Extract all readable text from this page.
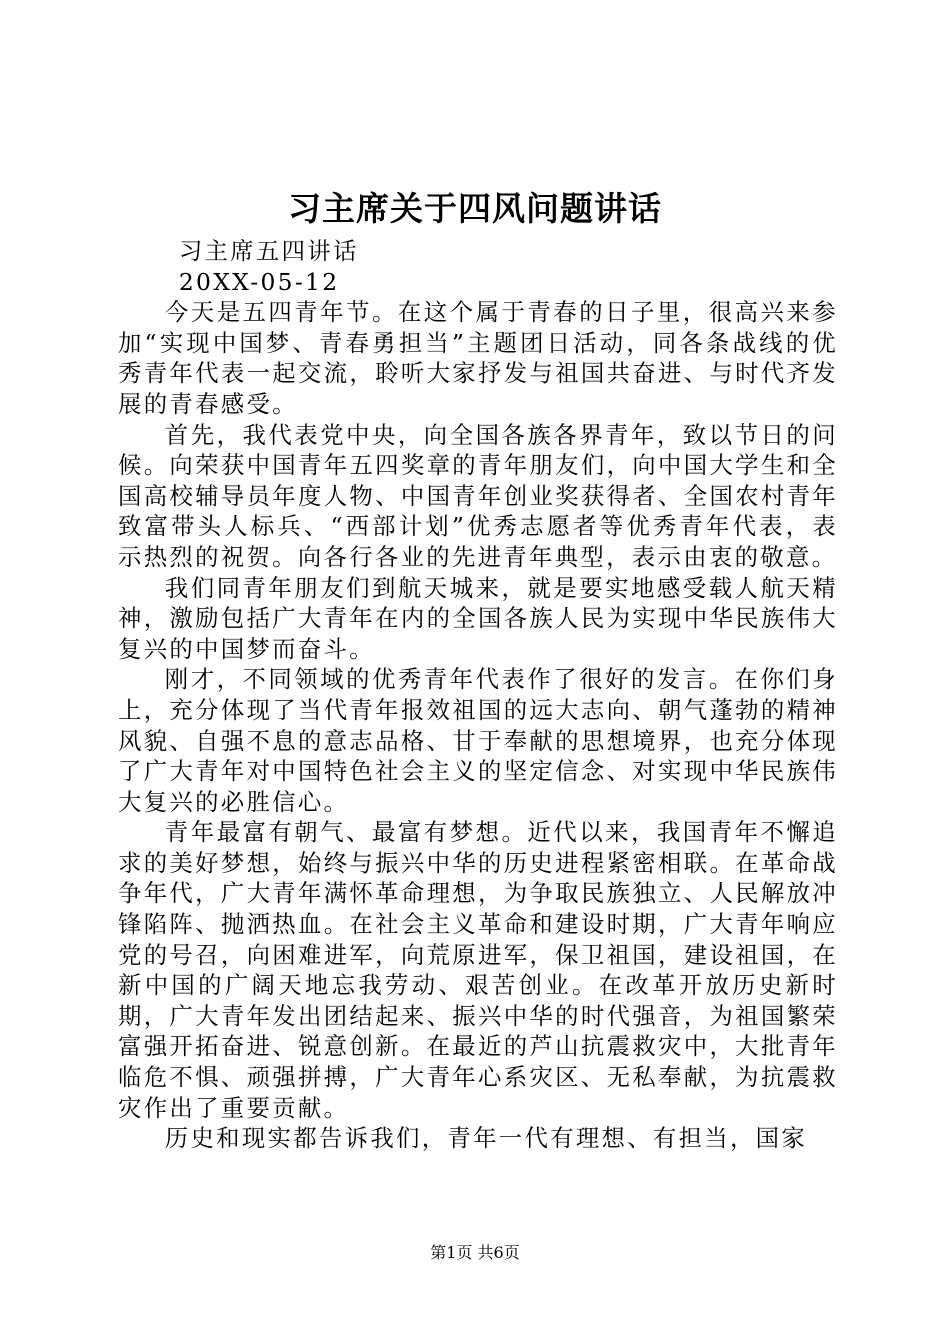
习主席关于四风问题讲话

习主席五四讲话

20XX-05-12

今天是五四青年节。在这个属于青春的日子里，很高兴来参加“实现中国梦、青春勇担当”主题团日活动，同各条战线的优秀青年代表一起交流，聆听大家抒发与祖国共奋进、与时代齐发展的青春感受。

首先，我代表党中央，向全国各族各界青年，致以节日的问候。向荣获中国青年五四奖章的青年朋友们，向中国大学生和全国高校辅导员年度人物、中国青年创业奖获得者、全国农村青年致富带头人标兵、“西部计划”优秀志愿者等优秀青年代表，表示热烈的祝贺。向各行各业的先进青年典型，表示由衷的敬意。

我们同青年朋友们到航天城来，就是要实地感受载人航天精神，激励包括广大青年在内的全国各族人民为实现中华民族伟大复兴的中国梦而奋斗。

刚才，不同领域的优秀青年代表作了很好的发言。在你们身上，充分体现了当代青年报效祖国的远大志向、朝气蓬勃的精神风貌、自强不息的意志品格、甘于奉献的思想境界，也充分体现了广大青年对中国特色社会主义的坚定信念、对实现中华民族伟大复兴的必胜信心。

青年最富有朝气、最富有梦想。近代以来，我国青年不懈追求的美好梦想，始终与振兴中华的历史进程紧密相联。在革命战争年代，广大青年满怀革命理想，为争取民族独立、人民解放冲锋陷阵、抛洒热血。在社会主义革命和建设时期，广大青年响应党的号召，向困难进军，向荒原进军，保卫祖国，建设祖国，在新中国的广阔天地忘我劳动、艰苦创业。在改革开放历史新时期，广大青年发出团结起来、振兴中华的时代强音，为祖国繁荣富强开拓奋进、锐意创新。在最近的芦山抗震救灾中，大批青年临危不惧、顽强拼搏，广大青年心系灾区、无私奉献，为抗震救灾作出了重要贡献。

历史和现实都告诉我们，青年一代有理想、有担当，国家

第1页 共6页
